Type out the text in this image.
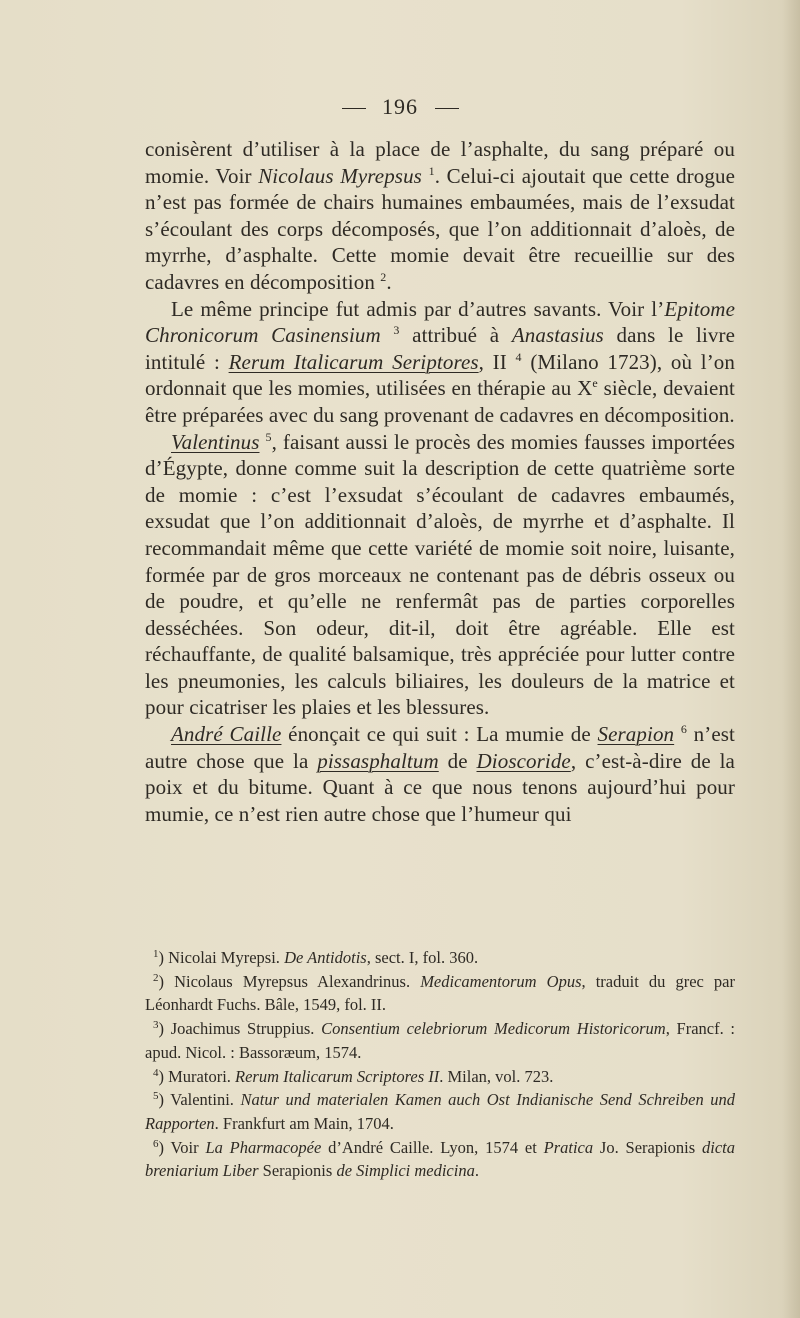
196

conisèrent d’utiliser à la place de l’asphalte, du sang préparé ou momie. Voir Nicolaus Myrepsus $^1$. Celui-ci ajoutait que cette drogue n’est pas formée de chairs humaines embaumées, mais de l’exsudat s’écoulant des corps décomposés, que l’on additionnait d’aloès, de myrrhe, d’asphalte. Cette momie devait être recueillie sur des cadavres en décomposition $^2$.

Le même principe fut admis par d’autres savants. Voir l’Epitome Chronicorum Casinensium $^3$ attribué à Anastasius dans le livre intitulé : Rerum Italicarum Seriptores, II $^4$ (Milano 1723), où l’on ordonnait que les momies, utilisées en thérapie au Xe siècle, devaient être préparées avec du sang provenant de cadavres en décomposition.

Valentinus $^5$, faisant aussi le procès des momies fausses importées d’Égypte, donne comme suit la description de cette quatrième sorte de momie : c’est l’exsudat s’écoulant de cadavres embaumés, exsudat que l’on additionnait d’aloès, de myrrhe et d’asphalte. Il recommandait même que cette variété de momie soit noire, luisante, formée par de gros morceaux ne contenant pas de débris osseux ou de poudre, et qu’elle ne renfermât pas de parties corporelles desséchées. Son odeur, dit-il, doit être agréable. Elle est réchauffante, de qualité balsamique, très appréciée pour lutter contre les pneumonies, les calculs biliaires, les douleurs de la matrice et pour cicatriser les plaies et les blessures.

André Caille énonçait ce qui suit : La mumie de Serapion $^6$ n’est autre chose que la pissasphaltum de Dioscoride, c’est-à-dire de la poix et du bitume. Quant à ce que nous tenons aujourd’hui pour mumie, ce n’est rien autre chose que l’humeur qui

$^1$) Nicolai Myrepsi. De Antidotis, sect. I, fol. 360.

$^2$) Nicolaus Myrepsus Alexandrinus. Medicamentorum Opus, traduit du grec par Léonhardt Fuchs. Bâle, 1549, fol. II.

$^3$) Joachimus Struppius. Consentium celebriorum Medicorum Historicorum, Francf. : apud. Nicol. : Bassoræum, 1574.

$^4$) Muratori. Rerum Italicarum Scriptores II. Milan, vol. 723.

$^5$) Valentini. Natur und materialen Kamen auch Ost Indianische Send Schreiben und Rapporten. Frankfurt am Main, 1704.

$^6$) Voir La Pharmacopée d’André Caille. Lyon, 1574 et Pratica Jo. Serapionis dicta breniarium Liber Serapionis de Simplici medicina.
